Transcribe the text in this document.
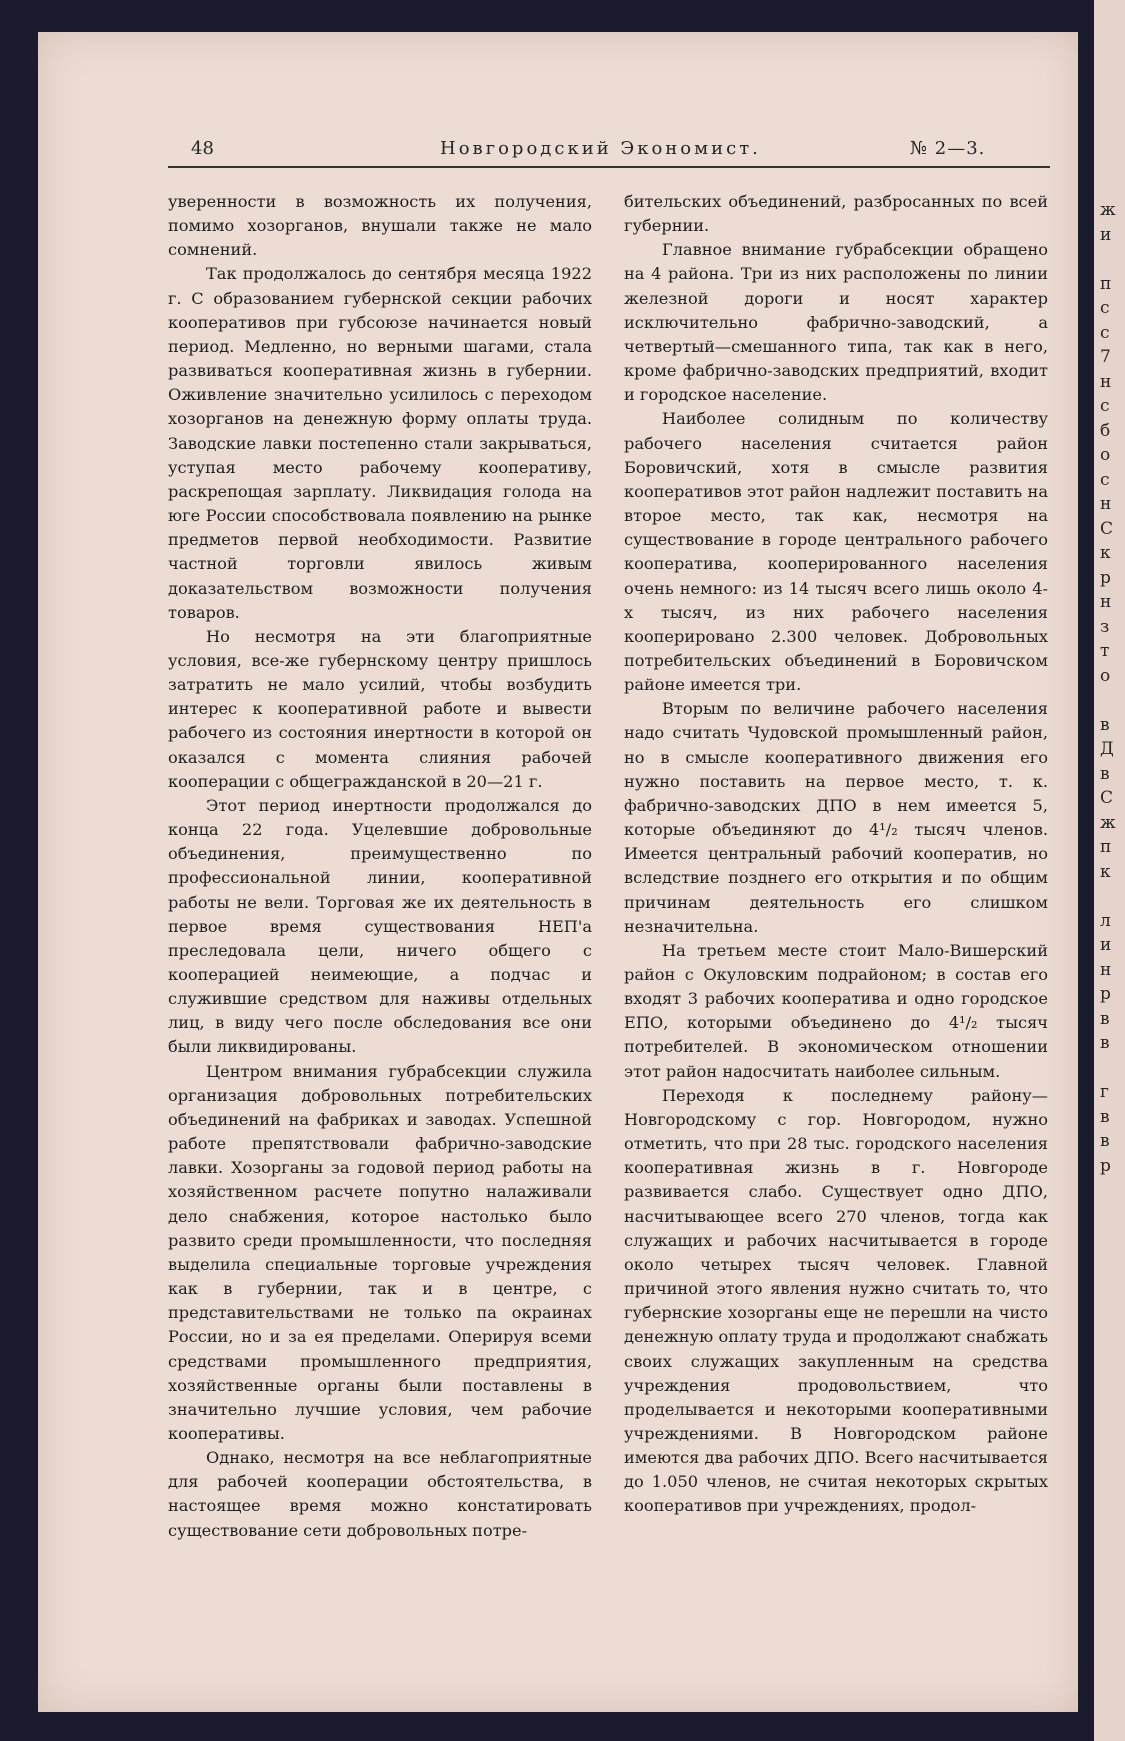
ж
и

п
с
с
7
н
с
б
о
с
н
С
к
р
н
з
т
о

в
Д
в
С
ж
п
к

л
и
н
р
в
в

г
в
в
р
48	Новгородский Экономист.	№ 2—3.

уверенности в возможность их получения, помимо хозорганов, внушали также не мало сомнений.

Так продолжалось до сентября месяца 1922 г. С образованием губернской секции рабочих кооперативов при губсоюзе начинается новый период. Медленно, но верными шагами, стала развиваться кооперативная жизнь в губернии. Оживление значительно усилилось с переходом хозорганов на денежную форму оплаты труда. Заводские лавки постепенно стали закрываться, уступая место рабочему кооперативу, раскрепощая зарплату. Ликвидация голода на юге России способствовала появлению на рынке предметов первой необходимости. Развитие частной торговли явилось живым доказательством возможности получения товаров.

Но несмотря на эти благоприятные условия, все-же губернскому центру пришлось затратить не мало усилий, чтобы возбудить интерес к кооперативной работе и вывести рабочего из состояния инертности в которой он оказался с момента слияния рабочей кооперации с общегражданской в 20—21 г.

Этот период инертности продолжался до конца 22 года. Уцелевшие добровольные объединения, преимущественно по профессиональной линии, кооперативной работы не вели. Торговая же их деятельность в первое время существования НЕП'а преследовала цели, ничего общего с кооперацией неимеющие, а подчас и служившие средством для наживы отдельных лиц, в виду чего после обследования все они были ликвидированы.

Центром внимания губрабсекции служила организация добровольных потребительских объединений на фабриках и заводах. Успешной работе препятствовали фабрично-заводские лавки. Хозорганы за годовой период работы на хозяйственном расчете попутно налаживали дело снабжения, которое настолько было развито среди промышленности, что последняя выделила специальные торговые учреждения как в губернии, так и в центре, с представительствами не только па окраинах России, но и за ея пределами. Оперируя всеми средствами промышленного предприятия, хозяйственные органы были поставлены в значительно лучшие условия, чем рабочие кооперативы.

Однако, несмотря на все неблагоприятные для рабочей кооперации обстоятельства, в настоящее время можно констатировать существование сети добровольных потре-

бительских объединений, разбросанных по всей губернии.

Главное внимание губрабсекции обращено на 4 района. Три из них расположены по линии железной дороги и носят характер исключительно фабрично-заводский, а четвертый—смешанного типа, так как в него, кроме фабрично-заводских предприятий, входит и городское население.

Наиболее солидным по количеству рабочего населения считается район Боровичский, хотя в смысле развития кооперативов этот район надлежит поставить на второе место, так как, несмотря на существование в городе центрального рабочего кооператива, кооперированного населения очень немного: из 14 тысяч всего лишь около 4-х тысяч, из них рабочего населения кооперировано 2.300 человек. Добровольных потребительских объединений в Боровичском районе имеется три.

Вторым по величине рабочего населения надо считать Чудовской промышленный район, но в смысле кооперативного движения его нужно поставить на первое место, т. к. фабрично-заводских ДПО в нем имеется 5, которые объединяют до 4¹/₂ тысяч членов. Имеется центральный рабочий кооператив, но вследствие позднего его открытия и по общим причинам деятельность его слишком незначительна.

На третьем месте стоит Мало-Вишерский район с Окуловским подрайоном; в состав его входят 3 рабочих кооператива и одно городское ЕПО, которыми объединено до 4¹/₂ тысяч потребителей. В экономическом отношении этот район надосчитать наиболее сильным.

Переходя к последнему району—Новгородскому с гор. Новгородом, нужно отметить, что при 28 тыс. городского населения кооперативная жизнь в г. Новгороде развивается слабо. Существует одно ДПО, насчитывающее всего 270 членов, тогда как служащих и рабочих насчитывается в городе около четырех тысяч человек. Главной причиной этого явления нужно считать то, что губернские хозорганы еще не перешли на чисто денежную оплату труда и продолжают снабжать своих служащих закупленным на средства учреждения продовольствием, что проделывается и некоторыми кооперативными учреждениями. В Новгородском районе имеются два рабочих ДПО. Всего насчитывается до 1.050 членов, не считая некоторых скрытых кооперативов при учреждениях, продол-
